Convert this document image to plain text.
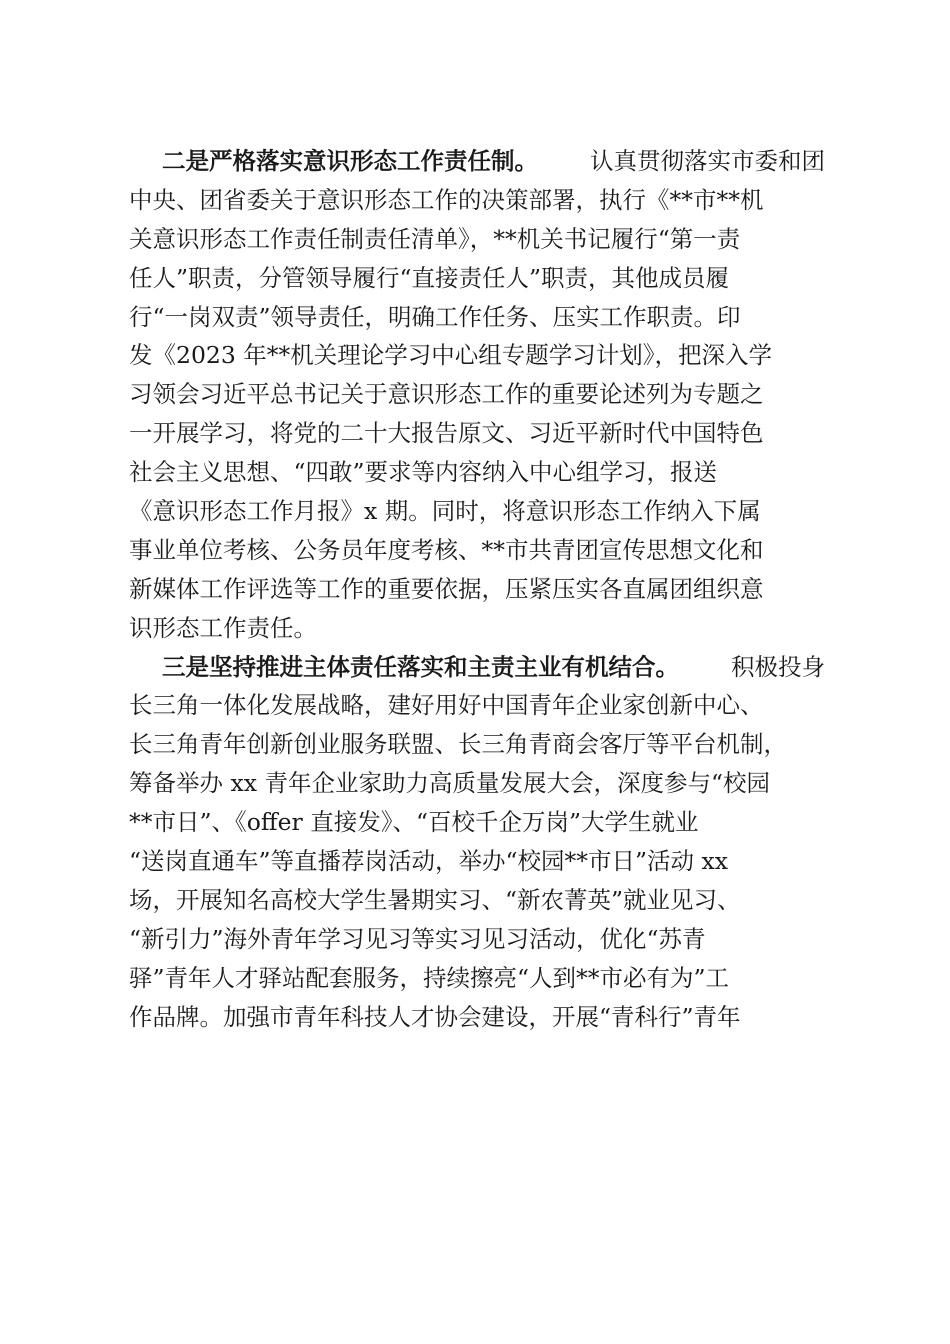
二是严格落实意识形态工作责任制。 认真贯彻落实市委和团
中央、团省委关于意识形态工作的决策部署，执行《**市**机
关意识形态工作责任制责任清单》，**机关书记履行“第一责
任人”职责，分管领导履行“直接责任人”职责，其他成员履
行“一岗双责”领导责任，明确工作任务、压实工作职责。印
发《2023 年**机关理论学习中心组专题学习计划》，把深入学
习领会习近平总书记关于意识形态工作的重要论述列为专题之
一开展学习，将党的二十大报告原文、习近平新时代中国特色
社会主义思想、“四敢”要求等内容纳入中心组学习，报送
《意识形态工作月报》x 期。同时，将意识形态工作纳入下属
事业单位考核、公务员年度考核、**市共青团宣传思想文化和
新媒体工作评选等工作的重要依据，压紧压实各直属团组织意
识形态工作责任。
三是坚持推进主体责任落实和主责主业有机结合。 积极投身
长三角一体化发展战略，建好用好中国青年企业家创新中心、
长三角青年创新创业服务联盟、长三角青商会客厅等平台机制，
筹备举办 xx 青年企业家助力高质量发展大会，深度参与“校园
**市日”、《offer 直接发》、“百校千企万岗”大学生就业
“送岗直通车”等直播荐岗活动，举办“校园**市日”活动 xx
场，开展知名高校大学生暑期实习、“新农菁英”就业见习、
“新引力”海外青年学习见习等实习见习活动，优化“苏青
驿”青年人才驿站配套服务，持续擦亮“人到**市必有为”工
作品牌。加强市青年科技人才协会建设，开展“青科行”青年
